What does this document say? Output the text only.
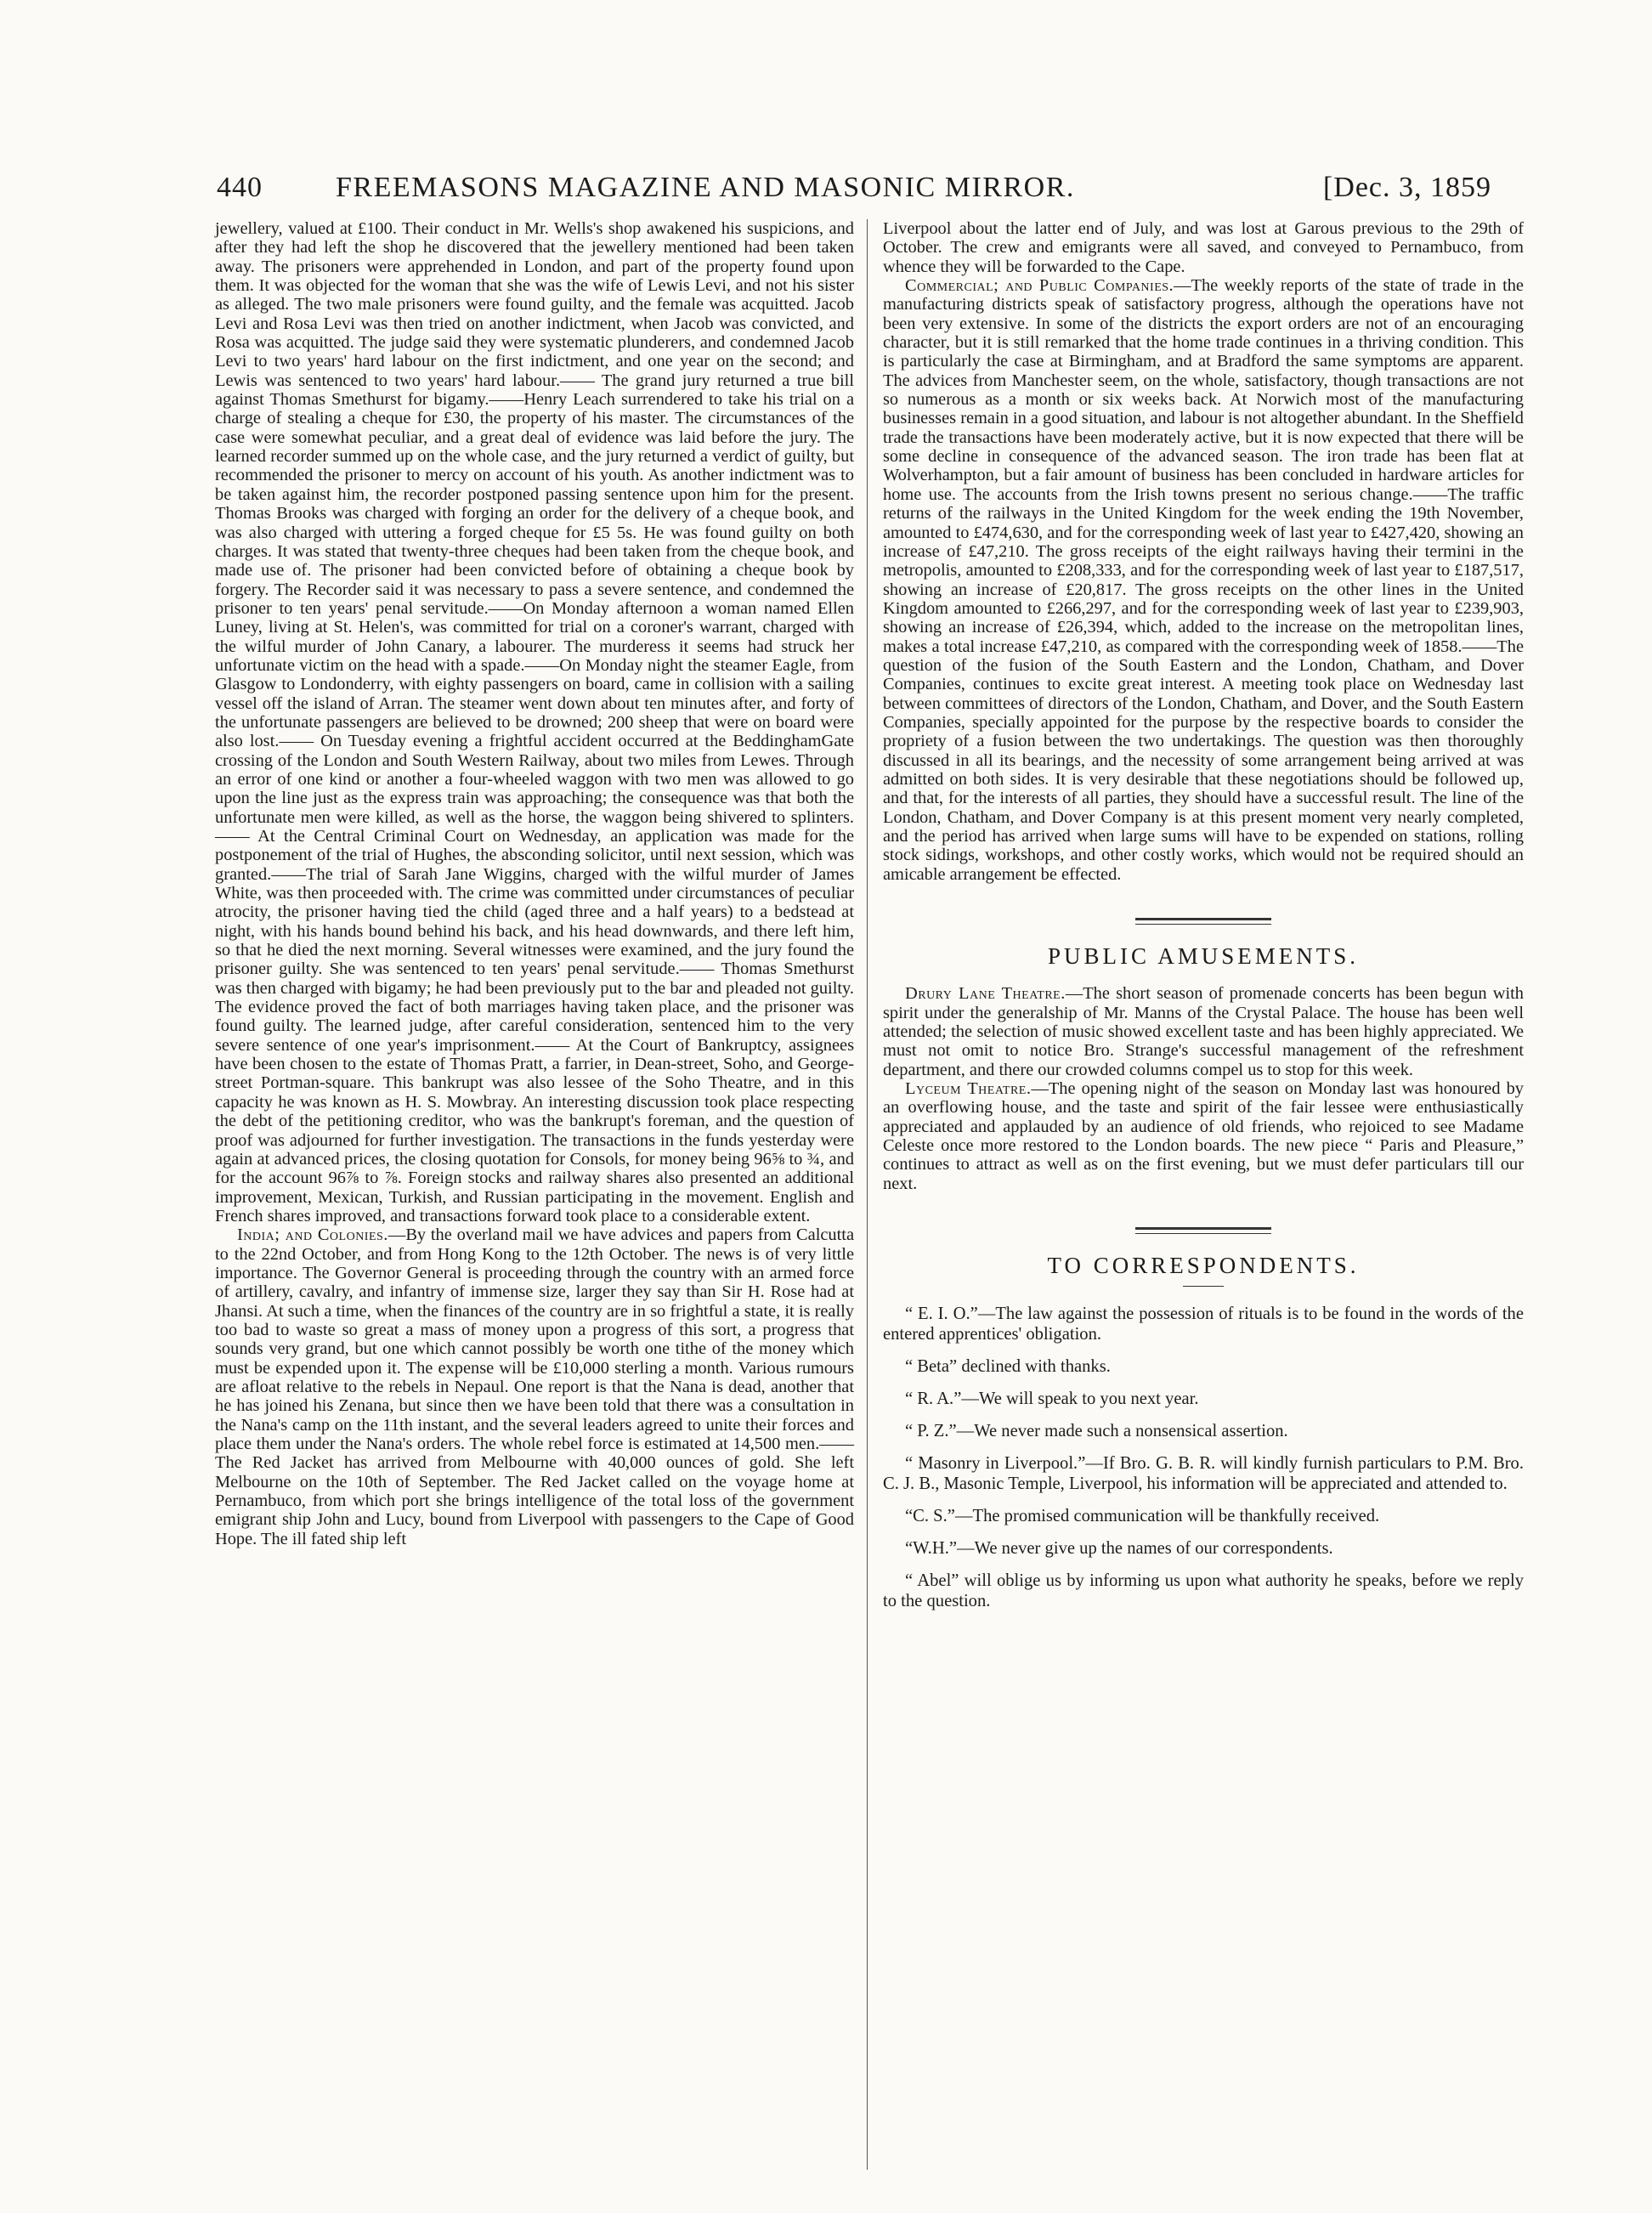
440	FREEMASONS MAGAZINE AND MASONIC MIRROR.	[Dec. 3, 1859

jewellery, valued at £100. Their conduct in Mr. Wells's shop awakened his suspicions, and after they had left the shop he discovered that the jewellery mentioned had been taken away. The prisoners were apprehended in London, and part of the property found upon them. It was objected for the woman that she was the wife of Lewis Levi, and not his sister as alleged. The two male prisoners were found guilty, and the female was acquitted. Jacob Levi and Rosa Levi was then tried on another indictment, when Jacob was convicted, and Rosa was acquitted. The judge said they were systematic plunderers, and condemned Jacob Levi to two years' hard labour on the first indictment, and one year on the second; and Lewis was sentenced to two years' hard labour.—— The grand jury returned a true bill against Thomas Smethurst for bigamy.——Henry Leach surrendered to take his trial on a charge of stealing a cheque for £30, the property of his master. The circumstances of the case were somewhat peculiar, and a great deal of evidence was laid before the jury. The learned recorder summed up on the whole case, and the jury returned a verdict of guilty, but recommended the prisoner to mercy on account of his youth. As another indictment was to be taken against him, the recorder postponed passing sentence upon him for the present. Thomas Brooks was charged with forging an order for the delivery of a cheque book, and was also charged with uttering a forged cheque for £5 5s. He was found guilty on both charges. It was stated that twenty-three cheques had been taken from the cheque book, and made use of. The prisoner had been convicted before of obtaining a cheque book by forgery. The Recorder said it was necessary to pass a severe sentence, and condemned the prisoner to ten years' penal servitude.——On Monday afternoon a woman named Ellen Luney, living at St. Helen's, was committed for trial on a coroner's warrant, charged with the wilful murder of John Canary, a labourer. The murderess it seems had struck her unfortunate victim on the head with a spade.——On Monday night the steamer Eagle, from Glasgow to Londonderry, with eighty passengers on board, came in collision with a sailing vessel off the island of Arran. The steamer went down about ten minutes after, and forty of the unfortunate passengers are believed to be drowned; 200 sheep that were on board were also lost.—— On Tuesday evening a frightful accident occurred at the BeddinghamGate crossing of the London and South Western Railway, about two miles from Lewes. Through an error of one kind or another a four-wheeled waggon with two men was allowed to go upon the line just as the express train was approaching; the consequence was that both the unfortunate men were killed, as well as the horse, the waggon being shivered to splinters.—— At the Central Criminal Court on Wednesday, an application was made for the postponement of the trial of Hughes, the absconding solicitor, until next session, which was granted.——The trial of Sarah Jane Wiggins, charged with the wilful murder of James White, was then proceeded with. The crime was committed under circumstances of peculiar atrocity, the prisoner having tied the child (aged three and a half years) to a bedstead at night, with his hands bound behind his back, and his head downwards, and there left him, so that he died the next morning. Several witnesses were examined, and the jury found the prisoner guilty. She was sentenced to ten years' penal servitude.—— Thomas Smethurst was then charged with bigamy; he had been previously put to the bar and pleaded not guilty. The evidence proved the fact of both marriages having taken place, and the prisoner was found guilty. The learned judge, after careful consideration, sentenced him to the very severe sentence of one year's imprisonment.—— At the Court of Bankruptcy, assignees have been chosen to the estate of Thomas Pratt, a farrier, in Dean-street, Soho, and George-street Portman-square. This bankrupt was also lessee of the Soho Theatre, and in this capacity he was known as H. S. Mowbray. An interesting discussion took place respecting the debt of the petitioning creditor, who was the bankrupt's foreman, and the question of proof was adjourned for further investigation. The transactions in the funds yesterday were again at advanced prices, the closing quotation for Consols, for money being 96⅝ to ¾, and for the account 96⅞ to ⅞. Foreign stocks and railway shares also presented an additional improvement, Mexican, Turkish, and Russian participating in the movement. English and French shares improved, and transactions forward took place to a considerable extent.

India; and Colonies.—By the overland mail we have advices and papers from Calcutta to the 22nd October, and from Hong Kong to the 12th October. The news is of very little importance. The Governor General is proceeding through the country with an armed force of artillery, cavalry, and infantry of immense size, larger they say than Sir H. Rose had at Jhansi. At such a time, when the finances of the country are in so frightful a state, it is really too bad to waste so great a mass of money upon a progress of this sort, a progress that sounds very grand, but one which cannot possibly be worth one tithe of the money which must be expended upon it. The expense will be £10,000 sterling a month. Various rumours are afloat relative to the rebels in Nepaul. One report is that the Nana is dead, another that he has joined his Zenana, but since then we have been told that there was a consultation in the Nana's camp on the 11th instant, and the several leaders agreed to unite their forces and place them under the Nana's orders. The whole rebel force is estimated at 14,500 men.——The Red Jacket has arrived from Melbourne with 40,000 ounces of gold. She left Melbourne on the 10th of September. The Red Jacket called on the voyage home at Pernambuco, from which port she brings intelligence of the total loss of the government emigrant ship John and Lucy, bound from Liverpool with passengers to the Cape of Good Hope. The ill fated ship left

Liverpool about the latter end of July, and was lost at Garous previous to the 29th of October. The crew and emigrants were all saved, and conveyed to Pernambuco, from whence they will be forwarded to the Cape.

Commercial; and Public Companies.—The weekly reports of the state of trade in the manufacturing districts speak of satisfactory progress, although the operations have not been very extensive. In some of the districts the export orders are not of an encouraging character, but it is still remarked that the home trade continues in a thriving condition. This is particularly the case at Birmingham, and at Bradford the same symptoms are apparent. The advices from Manchester seem, on the whole, satisfactory, though transactions are not so numerous as a month or six weeks back. At Norwich most of the manufacturing businesses remain in a good situation, and labour is not altogether abundant. In the Sheffield trade the transactions have been moderately active, but it is now expected that there will be some decline in consequence of the advanced season. The iron trade has been flat at Wolverhampton, but a fair amount of business has been concluded in hardware articles for home use. The accounts from the Irish towns present no serious change.——The traffic returns of the railways in the United Kingdom for the week ending the 19th November, amounted to £474,630, and for the corresponding week of last year to £427,420, showing an increase of £47,210. The gross receipts of the eight railways having their termini in the metropolis, amounted to £208,333, and for the corresponding week of last year to £187,517, showing an increase of £20,817. The gross receipts on the other lines in the United Kingdom amounted to £266,297, and for the corresponding week of last year to £239,903, showing an increase of £26,394, which, added to the increase on the metropolitan lines, makes a total increase £47,210, as compared with the corresponding week of 1858.——The question of the fusion of the South Eastern and the London, Chatham, and Dover Companies, continues to excite great interest. A meeting took place on Wednesday last between committees of directors of the London, Chatham, and Dover, and the South Eastern Companies, specially appointed for the purpose by the respective boards to consider the propriety of a fusion between the two undertakings. The question was then thoroughly discussed in all its bearings, and the necessity of some arrangement being arrived at was admitted on both sides. It is very desirable that these negotiations should be followed up, and that, for the interests of all parties, they should have a successful result. The line of the London, Chatham, and Dover Company is at this present moment very nearly completed, and the period has arrived when large sums will have to be expended on stations, rolling stock sidings, workshops, and other costly works, which would not be required should an amicable arrangement be effected.

PUBLIC AMUSEMENTS.

Drury Lane Theatre.—The short season of promenade concerts has been begun with spirit under the generalship of Mr. Manns of the Crystal Palace. The house has been well attended; the selection of music showed excellent taste and has been highly appreciated. We must not omit to notice Bro. Strange's successful management of the refreshment department, and there our crowded columns compel us to stop for this week.

Lyceum Theatre.—The opening night of the season on Monday last was honoured by an overflowing house, and the taste and spirit of the fair lessee were enthusiastically appreciated and applauded by an audience of old friends, who rejoiced to see Madame Celeste once more restored to the London boards. The new piece “ Paris and Pleasure,” continues to attract as well as on the first evening, but we must defer particulars till our next.

TO CORRESPONDENTS.

“ E. I. O.”—The law against the possession of rituals is to be found in the words of the entered apprentices' obligation.

“ Beta” declined with thanks.

“ R. A.”—We will speak to you next year.

“ P. Z.”—We never made such a nonsensical assertion.

“ Masonry in Liverpool.”—If Bro. G. B. R. will kindly furnish particulars to P.M. Bro. C. J. B., Masonic Temple, Liverpool, his information will be appreciated and attended to.

“C. S.”—The promised communication will be thankfully received.

“W.H.”—We never give up the names of our correspondents.

“ Abel” will oblige us by informing us upon what authority he speaks, before we reply to the question.
